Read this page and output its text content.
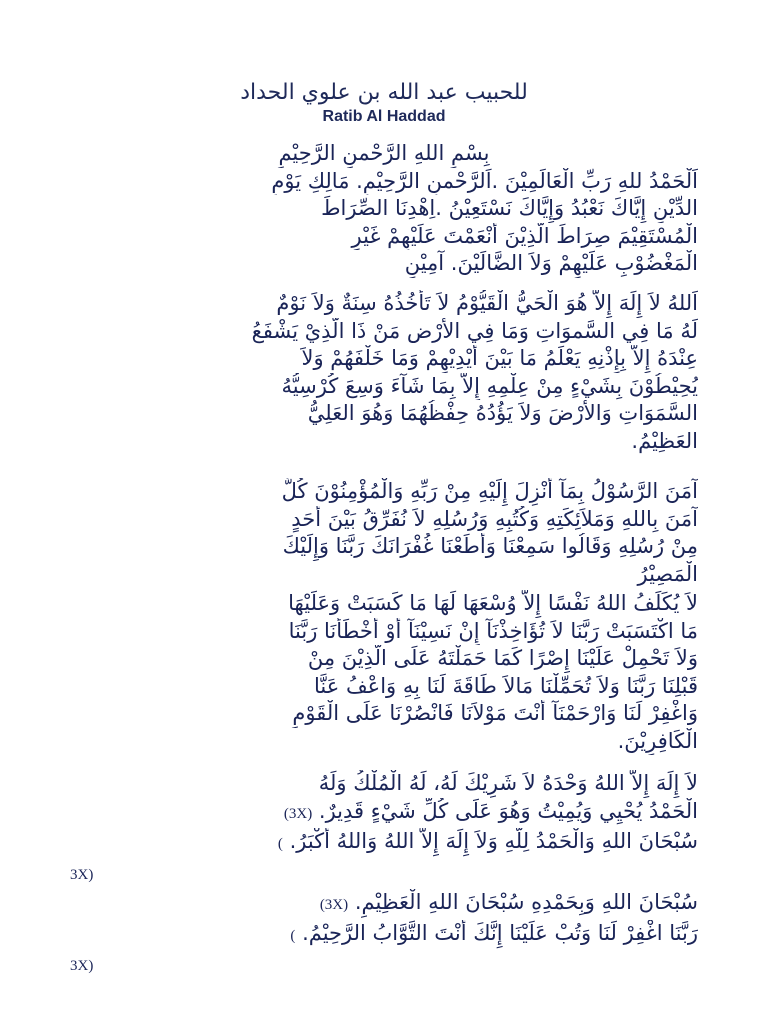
للحبيب عبد الله بن علوي الحداد
Ratib Al Haddad
بِسْمِ اللهِ الرَّحْمنِ الرَّحِيْمِ
اَلْحَمْدُ للهِ رَبِّ الْعَالَمِيْنَ .اَلرَّحْمنِ الرَّحِيْمِ. مَالِكِ يَوْمِ
الدِّيْنِ إِيَّاكَ نَعْبُدُ وَإِيَّاكَ نَسْتَعِيْنُ .اِهْدِنَا الصِّرَاطَ
الْمُسْتَقِيْمَ صِرَاطَ الَّذِيْنَ أَنْعَمْتَ عَلَيْهِمْ غَيْرِ
الْمَغْضُوْبِ عَلَيْهِمْ وَلاَ الضَّالِّيْنَ. آمِيْنِ
اَللهُ لاَ إِلَهَ إِلاَّ هُوَ الْحَيُّ الْقَيُّوْمُ لاَ تَأْخُذُهُ سِنَةٌ وَلاَ نَوْمٌ
لَهُ مَا فِي السَّموَاتِ وَمَا فِي الأَرْضِ مَنْ ذَا الَّذِيْ يَشْفَعُ
عِنْدَهُ إِلاَّ بِإِذْنِهِ يَعْلَمُ مَا بَيْنَ أَيْدِيْهِمْ وَمَا خَلْفَهُمْ وَلاَ
يُحِيْطُوْنَ بِشَيْءٍ مِنْ عِلْمِهِ إِلاَّ بِمَا شَآءَ وَسِعَ كُرْسِيُّهُ
السَّمَوَاتِ وَالأَرْضَ وَلاَ يَؤُدُهُ حِفْظُهُمَا وَهُوَ العَلِيُّ
العَظِيْمُ.
آمَنَ الرَّسُوْلُ بِمَآ أُنْزِلَ إِلَيْهِ مِنْ رَبِّهِ وَالْمُؤْمِنُوْنَ كُلٌّ
آمَنَ بِاللهِ وَمَلاَئِكَتِهِ وَكُتُبِهِ وَرُسُلِهِ لاَ نُفَرِّقُ بَيْنَ أَحَدٍ
مِنْ رُسُلِهِ وَقَالُوا سَمِعْنَا وَأَطَعْنَا غُفْرَانَكَ رَبَّنَا وَإِلَيْكَ
الْمَصِيْرُ
لاَ يُكَلِّفُ اللهُ نَفْسًا إِلاَّ وُسْعَهَا لَهَا مَا كَسَبَتْ وَعَلَيْهَا
مَا اكْتَسَبَتْ رَبَّنَا لاَ تُؤَاخِذْنَآ إِنْ نَسِيْنَآ أَوْ أَخْطَأْنَا رَبَّنَا
وَلاَ تَحْمِلْ عَلَيْنَا إِصْرًا كَمَا حَمَلْتَهُ عَلَى الَّذِيْنَ مِنْ
قَبْلِنَا رَبَّنَا وَلاَ تُحَمِّلْنَا مَالاَ طَاقَةَ لَنَا بِهِ وَاعْفُ عَنَّا
وَاغْفِرْ لَنَا وَارْحَمْنَآ أَنْتَ مَوْلاَنَا فَانْصُرْنَا عَلَى الْقَوْمِ
الْكَافِرِيْنَ.
لاَ إِلَهَ إِلاَّ اللهُ وَحْدَهُ لاَ شَرِيْكَ لَهُ، لَهُ الْمُلْكُ وَلَهُ
الْحَمْدُ يُحْيِي وَيُمِيْتُ وَهُوَ عَلَى كُلِّ شَيْءٍ قَدِيرٌ. (3X)
سُبْحَانَ اللهِ وَالْحَمْدُ لِلّهِ وَلاَ إِلَهَ إِلاَّ اللهُ وَاللهُ أَكْبَرُ. (
3X)
سُبْحَانَ اللهِ وَبِحَمْدِهِ سُبْحَانَ اللهِ الْعَظِيْمِ. (3X)
رَبَّنَا اغْفِرْ لَنَا وَتُبْ عَلَيْنَا إِنَّكَ أَنْتَ التَّوَّابُ الرَّحِيْمُ. (
3X)
